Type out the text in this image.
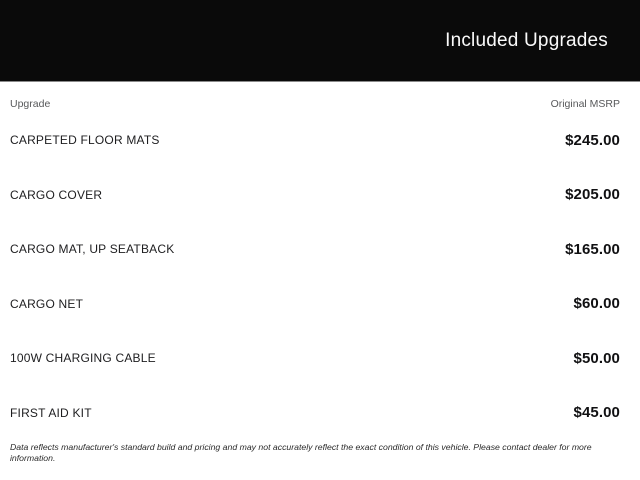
Included Upgrades
Upgrade	Original MSRP
CARPETED FLOOR MATS	$245.00
CARGO COVER	$205.00
CARGO MAT, UP SEATBACK	$165.00
CARGO NET	$60.00
100W CHARGING CABLE	$50.00
FIRST AID KIT	$45.00
Data reflects manufacturer's standard build and pricing and may not accurately reflect the exact condition of this vehicle. Please contact dealer for more information.
